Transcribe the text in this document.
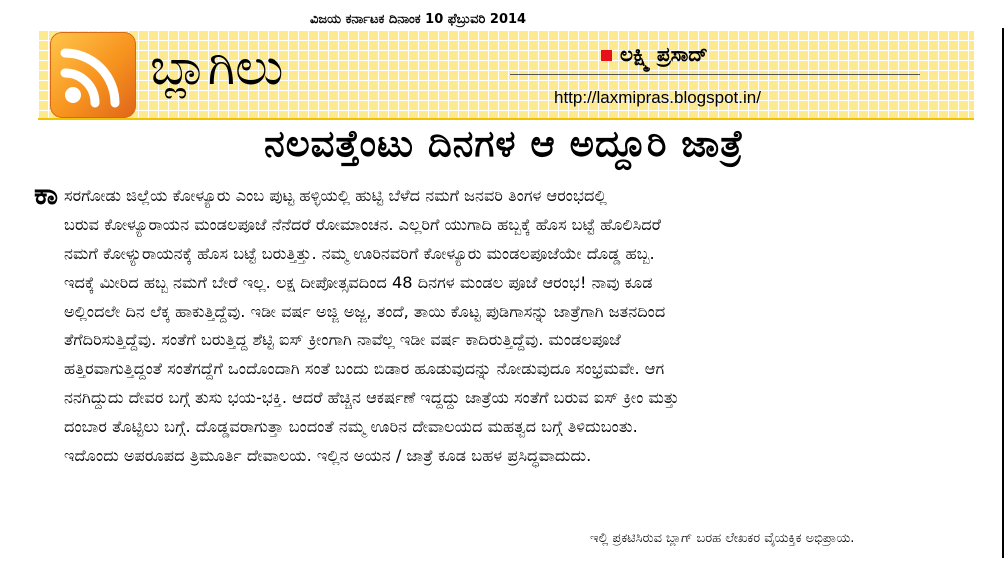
ವಿಜಯ ಕರ್ನಾಟಕ ದಿನಾಂಕ 10 ಫೆಬ್ರುವರಿ 2014
ಬ್ಲಾಗಿಲು	ಲಕ್ಷ್ಮಿ ಪ್ರಸಾದ್
http://laxmipras.blogspot.in/
ನಲವತ್ತೆಂಟು ದಿನಗಳ ಆ ಅದ್ದೂರಿ ಜಾತ್ರೆ
ಕಾ ಸರಗೋಡು ಜಿಲ್ಲೆಯ ಕೋಳ್ಯೂರು ಎಂಬ ಪುಟ್ಟ ಹಳ್ಳಿಯಲ್ಲಿ ಹುಟ್ಟಿ ಬೆಳೆದ ನಮಗೆ ಜನವರಿ ತಿಂಗಳ ಆರಂಭದಲ್ಲಿ
ಬರುವ ಕೋಳ್ಯೂರಾಯನ ಮಂಡಲಪೂಜೆ ನೆನೆದರೆ ರೋಮಾಂಚನ. ಎಲ್ಲರಿಗೆ ಯುಗಾದಿ ಹಬ್ಬಕ್ಕೆ ಹೊಸ ಬಟ್ಟೆ ಹೊಲಿಸಿದರೆ
ನಮಗೆ ಕೋಳ್ಯುರಾಯನಕ್ಕೆ ಹೊಸ ಬಟ್ಟೆ ಬರುತ್ತಿತ್ತು. ನಮ್ಮ ಊರಿನವರಿಗೆ ಕೋಳ್ಯೂರು ಮಂಡಲಪೂಜೆಯೇ ದೊಡ್ಡ ಹಬ್ಬ.
ಇದಕ್ಕೆ ಮೀರಿದ ಹಬ್ಬ ನಮಗೆ ಬೇರೆ ಇಲ್ಲ. ಲಕ್ಷ ದೀಪೋತ್ಸವದಿಂದ 48 ದಿನಗಳ ಮಂಡಲ ಪೂಜೆ ಆರಂಭ! ನಾವು ಕೂಡ
ಅಲ್ಲಿಂದಲೇ ದಿನ ಲೆಕ್ಕ ಹಾಕುತ್ತಿದ್ದೆವು. ಇಡೀ ವರ್ಷ ಅಜ್ಜಿ ಅಜ್ಜ, ತಂದೆ, ತಾಯಿ ಕೊಟ್ಟ ಪುಡಿಗಾಸನ್ನು ಜಾತ್ರೆಗಾಗಿ ಜತನದಿಂದ
ತೆಗೆದಿರಿಸುತ್ತಿದ್ದೆವು. ಸಂತೆಗೆ ಬರುತ್ತಿದ್ದ ಶೆಟ್ಟಿ ಐಸ್ ಕ್ರೀಂಗಾಗಿ ನಾವೆಲ್ಲ ಇಡೀ ವರ್ಷ ಕಾದಿರುತ್ತಿದ್ದೆವು. ಮಂಡಲಪೂಜೆ
ಹತ್ತಿರವಾಗುತ್ತಿದ್ದಂತೆ ಸಂತೆಗದ್ದೆಗೆ ಒಂದೊಂದಾಗಿ ಸಂತೆ ಬಂದು ಬಿಡಾರ ಹೂಡುವುದನ್ನು ನೋಡುವುದೂ ಸಂಭ್ರಮವೇ. ಆಗ
ನನಗಿದ್ದುದು ದೇವರ ಬಗ್ಗೆ ತುಸು ಭಯ-ಭಕ್ತಿ. ಆದರೆ ಹೆಚ್ಚಿನ ಆಕರ್ಷಣೆ ಇದ್ದದ್ದು ಜಾತ್ರೆಯ ಸಂತೆಗೆ ಬರುವ ಐಸ್ ಕ್ರೀಂ ಮತ್ತು
ದಂಬಾರ ತೊಟ್ಟಿಲು ಬಗ್ಗೆ. ದೊಡ್ಡವರಾಗುತ್ತಾ ಬಂದಂತೆ ನಮ್ಮ ಊರಿನ ದೇವಾಲಯದ ಮಹತ್ವದ ಬಗ್ಗೆ ತಿಳಿದುಬಂತು.
ಇದೊಂದು ಅಪರೂಪದ ತ್ರಿಮೂರ್ತಿ ದೇವಾಲಯ. ಇಲ್ಲಿನ ಅಯನ / ಜಾತ್ರೆ ಕೂಡ ಬಹಳ ಪ್ರಸಿದ್ಧವಾದುದು.
ಇಲ್ಲಿ ಪ್ರಕಟಿಸಿರುವ ಬ್ಲಾಗ್ ಬರಹ ಲೇಖಕರ ವೈಯಕ್ತಿಕ ಅಭಿಪ್ರಾಯ.
